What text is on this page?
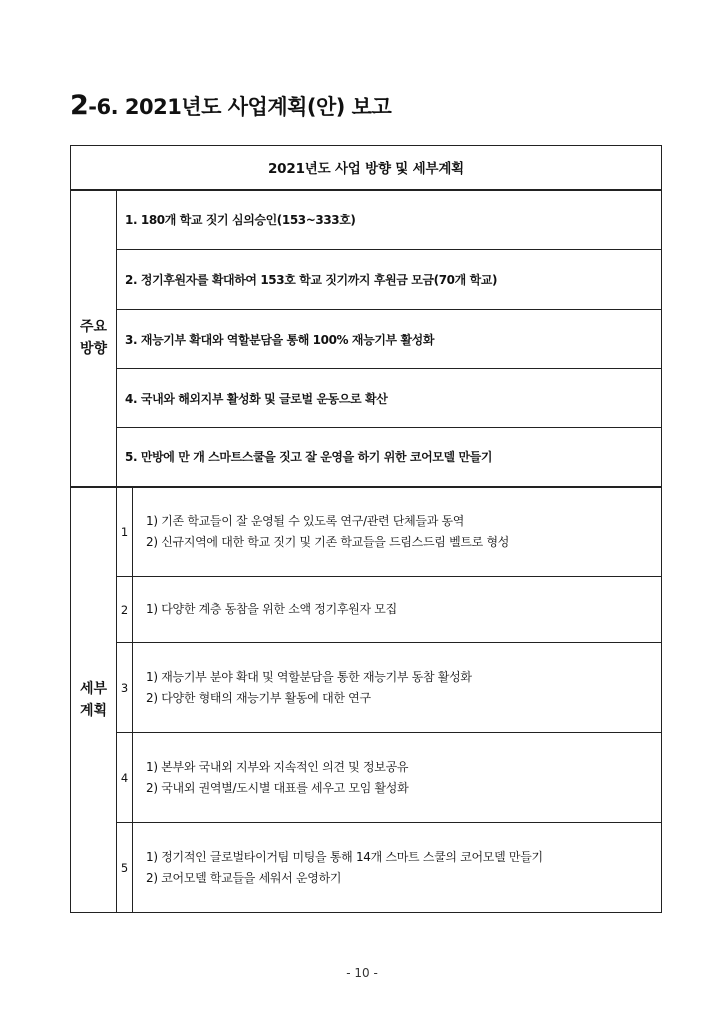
2-6. 2021년도 사업계획(안) 보고
2021년도 사업 방향 및 세부계획		

주요
방향	1. 180개 학교 짓기 심의승인(153~333호)	
	2. 정기후원자를 확대하여 153호 학교 짓기까지 후원금 모금(70개 학교)	
	3. 재능기부 확대와 역할분담을 통해 100% 재능기부 활성화	
	4. 국내와 해외지부 활성화 및 글로벌 운동으로 확산	
	5. 만방에 만 개 스마트스쿨을 짓고 잘 운영을 하기 위한 코어모델 만들기	

세부
계획	1	1) 기존 학교들이 잘 운영될 수 있도록 연구/관련 단체들과 동역
2) 신규지역에 대한 학교 짓기 및 기존 학교들을 드림스드림 벨트로 형성

	2	1) 다양한 계층 동참을 위한 소액 정기후원자 모집

	3	1) 재능기부 분야 확대 및 역할분담을 통한 재능기부 동참 활성화
2) 다양한 형태의 재능기부 활동에 대한 연구

	4	1) 본부와 국내외 지부와 지속적인 의견 및 정보공유
2) 국내외 권역별/도시별 대표를 세우고 모임 활성화

	5	1) 정기적인 글로벌타이거팀 미팅을 통해 14개 스마트 스쿨의 코어모델 만들기
2) 코어모델 학교들을 세워서 운영하기
- 10 -
